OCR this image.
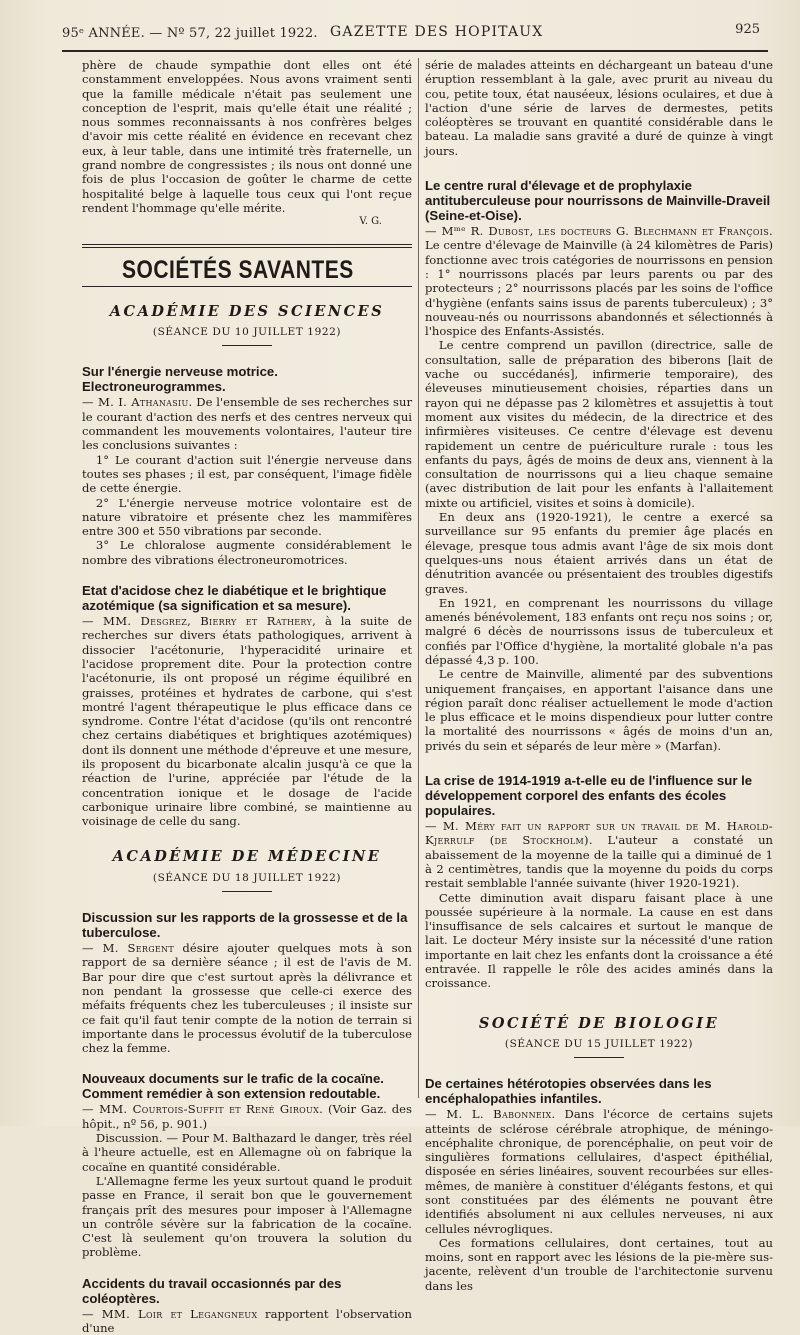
95ᵉ ANNÉE. — Nº 57, 22 juillet 1922. GAZETTE DES HOPITAUX	925

phère de chaude sympathie dont elles ont été constamment enveloppées. Nous avons vraiment senti que la famille médicale n'était pas seulement une conception de l'esprit, mais qu'elle était une réalité ; nous sommes reconnaissants à nos confrères belges d'avoir mis cette réalité en évidence en recevant chez eux, à leur table, dans une intimité très fraternelle, un grand nombre de congressistes ; ils nous ont donné une fois de plus l'occasion de goûter le charme de cette hospitalité belge à laquelle tous ceux qui l'ont reçue rendent l'hommage qu'elle mérite.

V. G.
SOCIÉTÉS SAVANTES
ACADÉMIE DES SCIENCES
(SÉANCE DU 10 JUILLET 1922)
Sur l'énergie nerveuse motrice. Electroneurogrammes.

— M. I. Athanasiu. De l'ensemble de ses recherches sur le courant d'action des nerfs et des centres nerveux qui commandent les mouvements volontaires, l'auteur tire les conclusions suivantes :

1° Le courant d'action suit l'énergie nerveuse dans toutes ses phases ; il est, par conséquent, l'image fidèle de cette énergie.

2° L'énergie nerveuse motrice volontaire est de nature vibratoire et présente chez les mammifères entre 300 et 550 vibrations par seconde.

3° Le chloralose augmente considérablement le nombre des vibrations électroneuromotrices.

Etat d'acidose chez le diabétique et le brightique azotémique (sa signification et sa mesure).

— MM. Desgrez, Bierry et Rathery, à la suite de recherches sur divers états pathologiques, arrivent à dissocier l'acétonurie, l'hyperacidité urinaire et l'acidose proprement dite. Pour la protection contre l'acétonurie, ils ont proposé un régime équilibré en graisses, protéines et hydrates de carbone, qui s'est montré l'agent thérapeutique le plus efficace dans ce syndrome. Contre l'état d'acidose (qu'ils ont rencontré chez certains diabétiques et brightiques azotémiques) dont ils donnent une méthode d'épreuve et une mesure, ils proposent du bicarbonate alcalin jusqu'à ce que la réaction de l'urine, appréciée par l'étude de la concentration ionique et le dosage de l'acide carbonique urinaire libre combiné, se maintienne au voisinage de celle du sang.

ACADÉMIE DE MÉDECINE
(SÉANCE DU 18 JUILLET 1922)
Discussion sur les rapports de la grossesse et de la tuberculose.

— M. Sergent désire ajouter quelques mots à son rapport de sa dernière séance ; il est de l'avis de M. Bar pour dire que c'est surtout après la délivrance et non pendant la grossesse que celle-ci exerce des méfaits fréquents chez les tuberculeuses ; il insiste sur ce fait qu'il faut tenir compte de la notion de terrain si importante dans le processus évolutif de la tuberculose chez la femme.

Nouveaux documents sur le trafic de la cocaïne. Comment remédier à son extension redoutable.

— MM. Courtois-Suffit et René Giroux. (Voir Gaz. des hôpit., nº 56, p. 901.)

Discussion. — Pour M. Balthazard le danger, très réel à l'heure actuelle, est en Allemagne où on fabrique la cocaïne en quantité considérable.

L'Allemagne ferme les yeux surtout quand le produit passe en France, il serait bon que le gouvernement français prît des mesures pour imposer à l'Allemagne un contrôle sévère sur la fabrication de la cocaïne. C'est là seulement qu'on trouvera la solution du problème.

Accidents du travail occasionnés par des coléoptères.

— MM. Loir et Legangneux rapportent l'observation d'une

série de malades atteints en déchargeant un bateau d'une éruption ressemblant à la gale, avec prurit au niveau du cou, petite toux, état nauséeux, lésions oculaires, et due à l'action d'une série de larves de dermestes, petits coléoptères se trouvant en quantité considérable dans le bateau. La maladie sans gravité a duré de quinze à vingt jours.

Le centre rural d'élevage et de prophylaxie antituberculeuse pour nourrissons de Mainville-Draveil (Seine-et-Oise).

— Mᵐᵉ R. Dubost, les docteurs G. Blechmann et François. Le centre d'élevage de Mainville (à 24 kilomètres de Paris) fonctionne avec trois catégories de nourrissons en pension : 1° nourrissons placés par leurs parents ou par des protecteurs ; 2° nourrissons placés par les soins de l'office d'hygiène (enfants sains issus de parents tuberculeux) ; 3° nouveau-nés ou nourrissons abandonnés et sélectionnés à l'hospice des Enfants-Assistés.

Le centre comprend un pavillon (directrice, salle de consultation, salle de préparation des biberons [lait de vache ou succédanés], infirmerie temporaire), des éleveuses minutieusement choisies, réparties dans un rayon qui ne dépasse pas 2 kilomètres et assujettis à tout moment aux visites du médecin, de la directrice et des infirmières visiteuses. Ce centre d'élevage est devenu rapidement un centre de puériculture rurale : tous les enfants du pays, âgés de moins de deux ans, viennent à la consultation de nourrissons qui a lieu chaque semaine (avec distribution de lait pour les enfants à l'allaitement mixte ou artificiel, visites et soins à domicile).

En deux ans (1920-1921), le centre a exercé sa surveillance sur 95 enfants du premier âge placés en élevage, presque tous admis avant l'âge de six mois dont quelques-uns nous étaient arrivés dans un état de dénutrition avancée ou présentaient des troubles digestifs graves.

En 1921, en comprenant les nourrissons du village amenés bénévolement, 183 enfants ont reçu nos soins ; or, malgré 6 décès de nourrissons issus de tuberculeux et confiés par l'Office d'hygiène, la mortalité globale n'a pas dépassé 4,3 p. 100.

Le centre de Mainville, alimenté par des subventions uniquement françaises, en apportant l'aisance dans une région paraît donc réaliser actuellement le mode d'action le plus efficace et le moins dispendieux pour lutter contre la mortalité des nourrissons « âgés de moins d'un an, privés du sein et séparés de leur mère » (Marfan).

La crise de 1914-1919 a-t-elle eu de l'influence sur le développement corporel des enfants des écoles populaires.

— M. Méry fait un rapport sur un travail de M. Harold-Kjerrulf (de Stockholm). L'auteur a constaté un abaissement de la moyenne de la taille qui a diminué de 1 à 2 centimètres, tandis que la moyenne du poids du corps restait semblable l'année suivante (hiver 1920-1921).

Cette diminution avait disparu faisant place à une poussée supérieure à la normale. La cause en est dans l'insuffisance de sels calcaires et surtout le manque de lait. Le docteur Méry insiste sur la nécessité d'une ration importante en lait chez les enfants dont la croissance a été entravée. Il rappelle le rôle des acides aminés dans la croissance.

SOCIÉTÉ DE BIOLOGIE
(SÉANCE DU 15 JUILLET 1922)
De certaines hétérotopies observées dans les encéphalopathies infantiles.

— M. L. Babonneix. Dans l'écorce de certains sujets atteints de sclérose cérébrale atrophique, de méningo-encéphalite chronique, de porencéphalie, on peut voir de singulières formations cellulaires, d'aspect épithélial, disposée en séries linéaires, souvent recourbées sur elles-mêmes, de manière à constituer d'élégants festons, et qui sont constituées par des éléments ne pouvant être identifiés absolument ni aux cellules nerveuses, ni aux cellules névrogliques.

Ces formations cellulaires, dont certaines, tout au moins, sont en rapport avec les lésions de la pie-mère sus-jacente, relèvent d'un trouble de l'architectonie survenu dans les
